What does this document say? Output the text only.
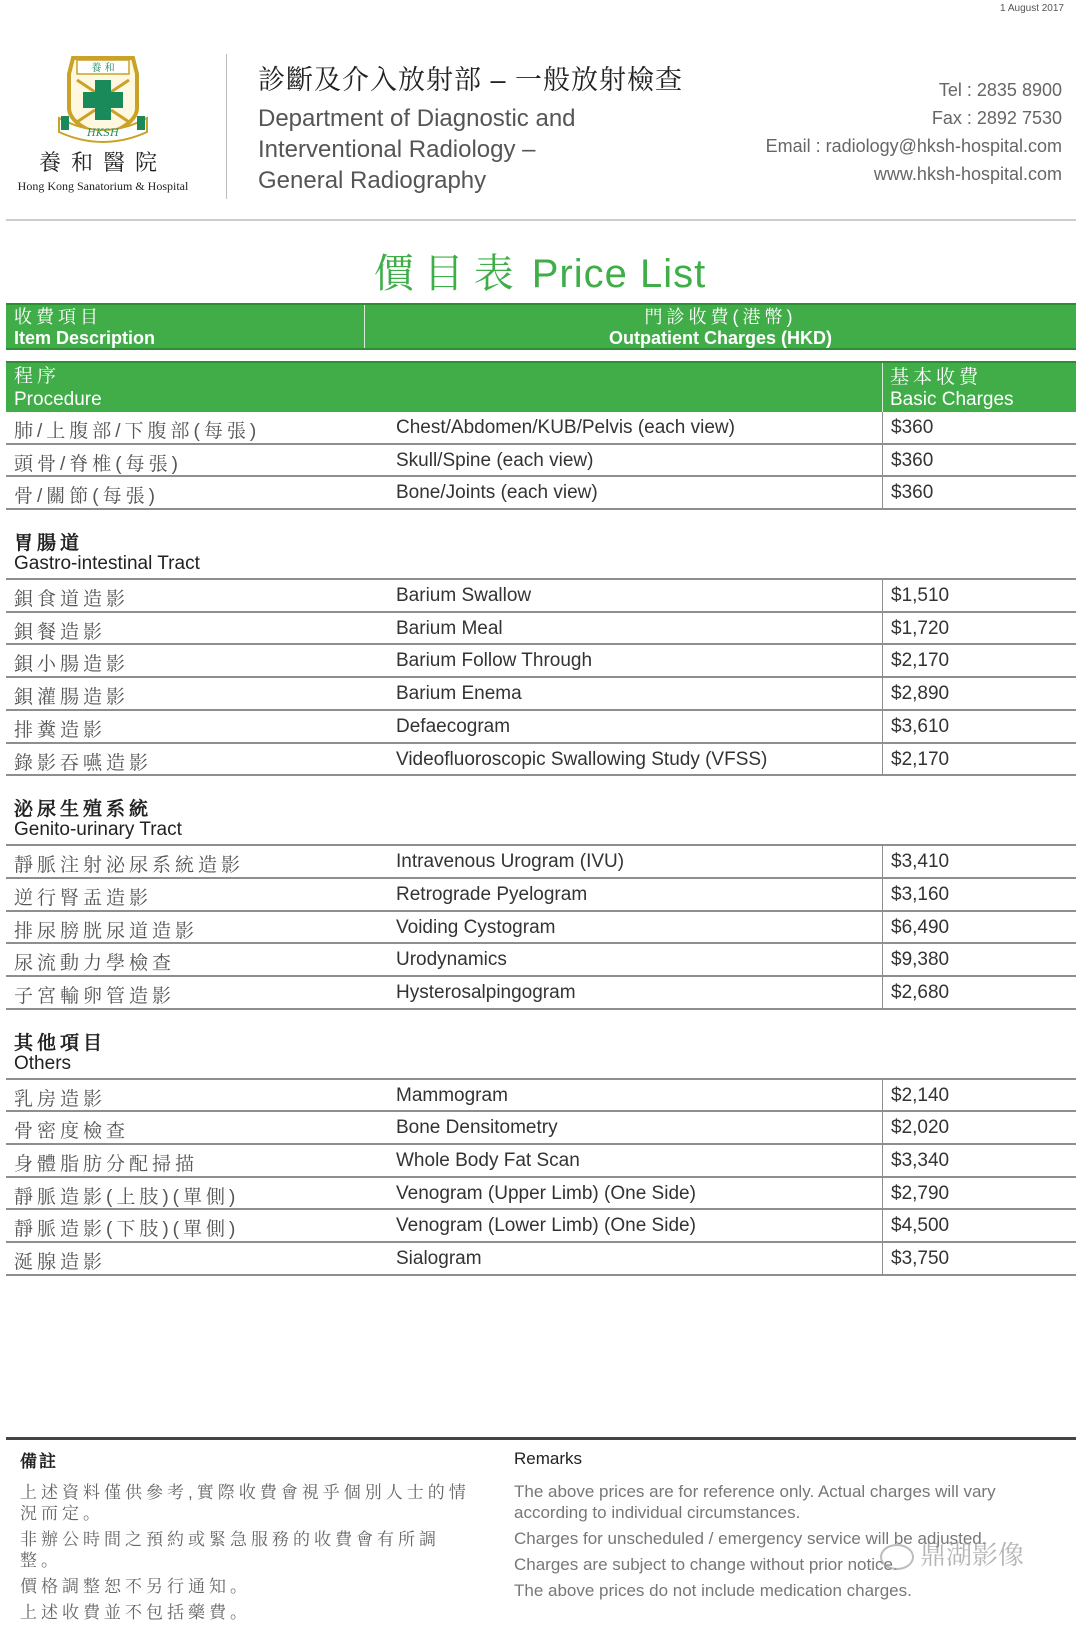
1 August 2017
養 和
HKSH
養和醫院
Hong Kong Sanatorium & Hospital
診斷及介入放射部 – 一般放射檢查
Department of Diagnostic and
Interventional Radiology –
General Radiography
Tel : 2835 8900
Fax : 2892 7530
Email : radiology@hksh-hospital.com
www.hksh-hospital.com
價目表 Price List
收費項目
Item Description
門診收費(港幣)
Outpatient Charges (HKD)
程序
Procedure
基本收費
Basic Charges
肺/上腹部/下腹部(每張)	Chest/Abdomen/KUB/Pelvis (each view)	$360
頭骨/脊椎(每張)	Skull/Spine (each view)	$360
骨/關節(每張)	Bone/Joints (each view)	$360
胃腸道
Gastro-intestinal Tract
鋇食道造影	Barium Swallow	$1,510
鋇餐造影	Barium Meal	$1,720
鋇小腸造影	Barium Follow Through	$2,170
鋇灌腸造影	Barium Enema	$2,890
排糞造影	Defaecogram	$3,610
錄影吞嚥造影	Videofluoroscopic Swallowing Study (VFSS)	$2,170
泌尿生殖系統
Genito-urinary Tract
靜脈注射泌尿系統造影	Intravenous Urogram (IVU)	$3,410
逆行腎盂造影	Retrograde Pyelogram	$3,160
排尿膀胱尿道造影	Voiding Cystogram	$6,490
尿流動力學檢查	Urodynamics	$9,380
子宮輸卵管造影	Hysterosalpingogram	$2,680
其他項目
Others
乳房造影	Mammogram	$2,140
骨密度檢查	Bone Densitometry	$2,020
身體脂肪分配掃描	Whole Body Fat Scan	$3,340
靜脈造影(上肢)(單側)	Venogram (Upper Limb) (One Side)	$2,790
靜脈造影(下肢)(單側)	Venogram (Lower Limb) (One Side)	$4,500
涎腺造影	Sialogram	$3,750
備註

上述資料僅供參考,實際收費會視乎個別人士的情況而定。

非辦公時間之預約或緊急服務的收費會有所調整。

價格調整恕不另行通知。

上述收費並不包括藥費。

Remarks

The above prices are for reference only. Actual charges will vary according to individual circumstances.

Charges for unscheduled / emergency service will be adjusted.

Charges are subject to change without prior notice.

The above prices do not include medication charges.

鼎湖影像
